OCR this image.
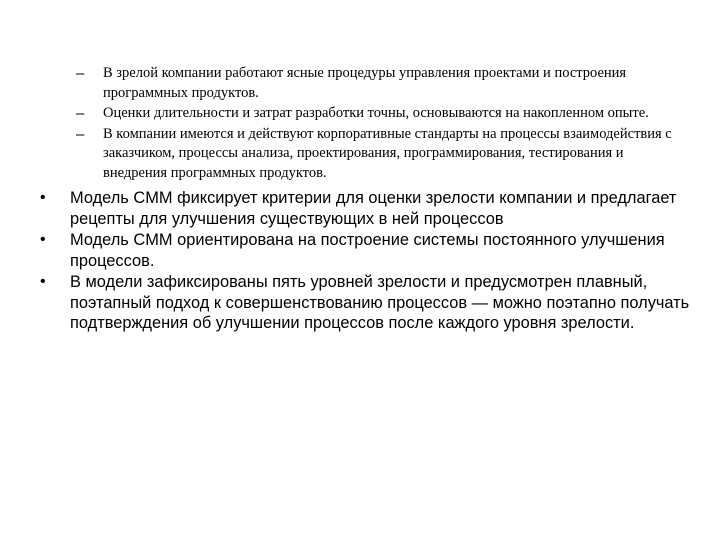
– В зрелой компании работают ясные процедуры управления проектами и построения программных продуктов.
– Оценки длительности и затрат разработки точны, основываются на накопленном опыте.
– В компании имеются и действуют корпоративные стандарты на процессы взаимодействия с заказчиком, процессы анализа, проектирования, программирования, тестирования и внедрения программных продуктов.
• Модель CMM фиксирует критерии для оценки зрелости компании и предлагает рецепты для улучшения существующих в ней процессов
• Модель CMM ориентирована на построение системы постоянного улучшения процессов.
• В модели зафиксированы пять уровней зрелости и предусмотрен плавный, поэтапный подход к совершенствованию процессов — можно поэтапно получать подтверждения об улучшении процессов после каждого уровня зрелости.
